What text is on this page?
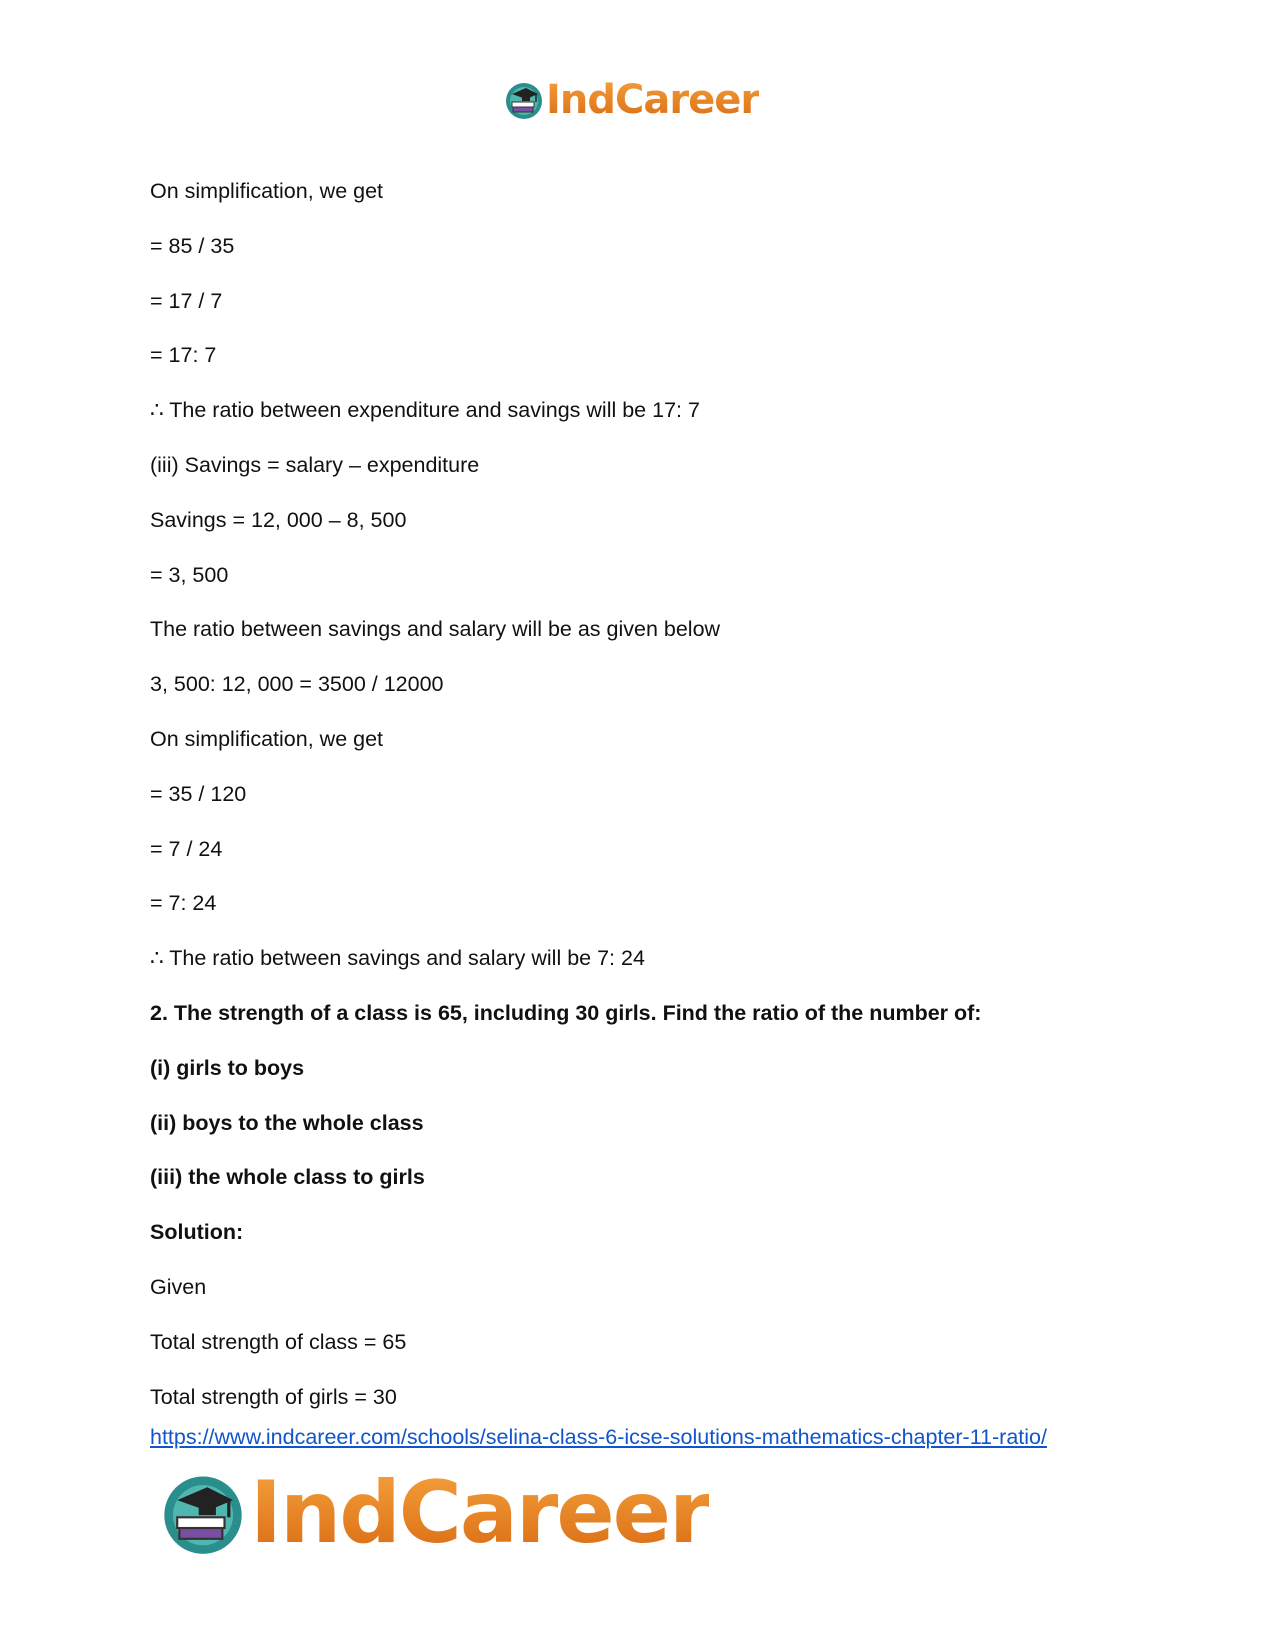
IndCareer
On simplification, we get
= 85 / 35
= 17 / 7
= 17: 7
∴ The ratio between expenditure and savings will be 17: 7
(iii) Savings = salary – expenditure
Savings = 12, 000 – 8, 500
= 3, 500
The ratio between savings and salary will be as given below
3, 500: 12, 000 = 3500 / 12000
On simplification, we get
= 35 / 120
= 7 / 24
= 7: 24
∴ The ratio between savings and salary will be 7: 24
2. The strength of a class is 65, including 30 girls. Find the ratio of the number of:
(i) girls to boys
(ii) boys to the whole class
(iii) the whole class to girls
Solution:
Given
Total strength of class = 65
Total strength of girls = 30
https://www.indcareer.com/schools/selina-class-6-icse-solutions-mathematics-chapter-11-ratio/
IndCareer
